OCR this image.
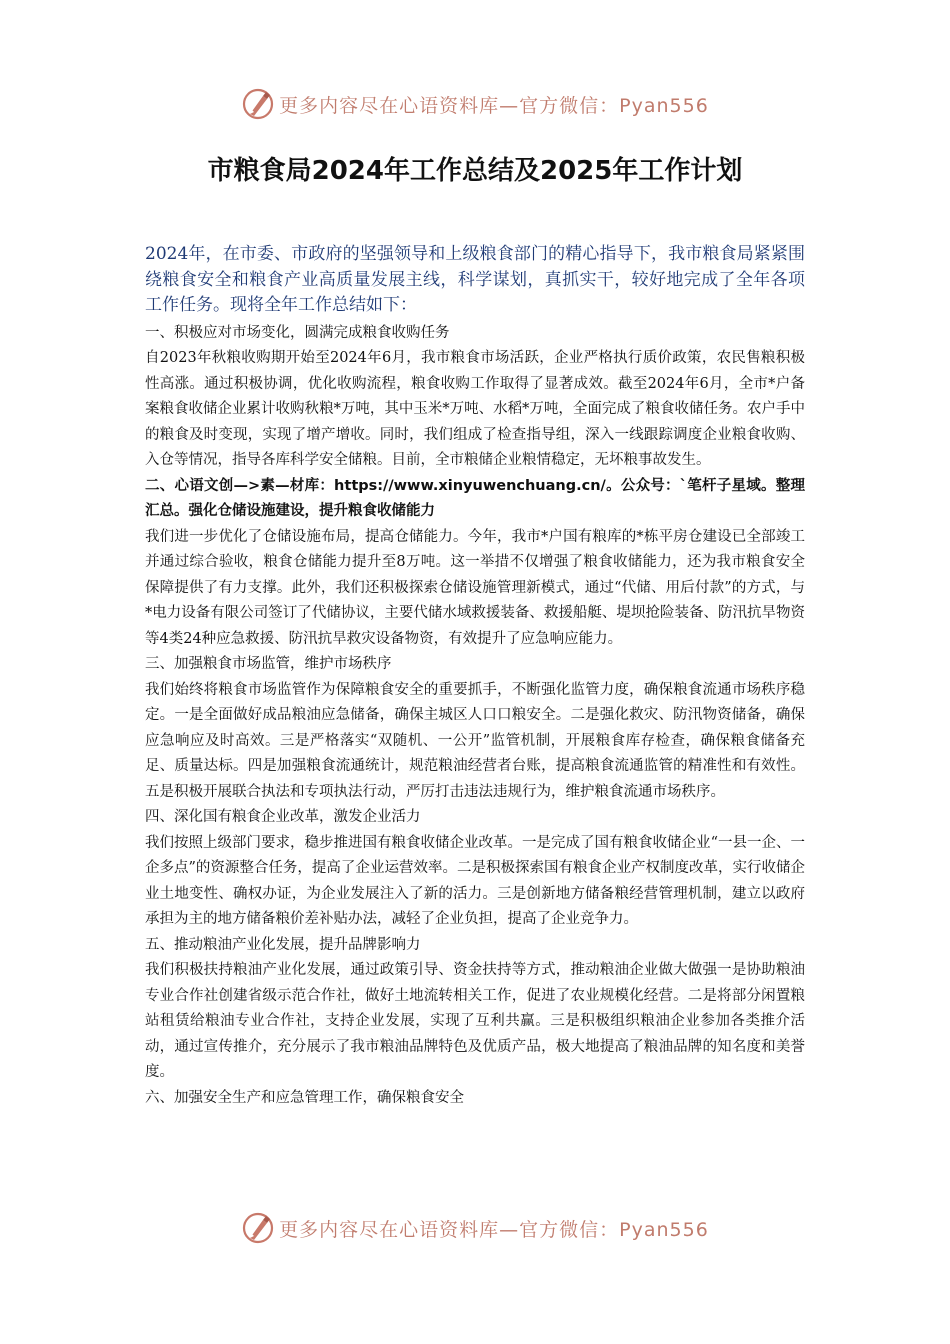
更多内容尽在心语资料库—官方微信：Pyan556
市粮食局2024年工作总结及2025年工作计划

2024年，在市委、市政府的坚强领导和上级粮食部门的精心指导下，我市粮食局紧紧围绕粮食安全和粮食产业高质量发展主线，科学谋划，真抓实干，较好地完成了全年各项工作任务。现将全年工作总结如下：

一、积极应对市场变化，圆满完成粮食收购任务

自2023年秋粮收购期开始至2024年6月，我市粮食市场活跃，企业严格执行质价政策，农民售粮积极性高涨。通过积极协调，优化收购流程，粮食收购工作取得了显著成效。截至2024年6月，全市*户备案粮食收储企业累计收购秋粮*万吨，其中玉米*万吨、水稻*万吨，全面完成了粮食收储任务。农户手中的粮食及时变现，实现了增产增收。同时，我们组成了检查指导组，深入一线跟踪调度企业粮食收购、入仓等情况，指导各库科学安全储粮。目前，全市粮储企业粮情稳定，无坏粮事故发生。

二、心语文创—>素—材库：https://www.xinyuwenchuang.cn/。公众号：`笔杆子星域。整理汇总。强化仓储设施建设，提升粮食收储能力

我们进一步优化了仓储设施布局，提高仓储能力。今年，我市*户国有粮库的*栋平房仓建设已全部竣工并通过综合验收，粮食仓储能力提升至8万吨。这一举措不仅增强了粮食收储能力，还为我市粮食安全保障提供了有力支撑。此外，我们还积极探索仓储设施管理新模式，通过“代储、用后付款”的方式，与*电力设备有限公司签订了代储协议，主要代储水域救援装备、救援船艇、堤坝抢险装备、防汛抗旱物资等4类24种应急救援、防汛抗旱救灾设备物资，有效提升了应急响应能力。

三、加强粮食市场监管，维护市场秩序

我们始终将粮食市场监管作为保障粮食安全的重要抓手，不断强化监管力度，确保粮食流通市场秩序稳定。一是全面做好成品粮油应急储备，确保主城区人口口粮安全。二是强化救灾、防汛物资储备，确保应急响应及时高效。三是严格落实“双随机、一公开”监管机制，开展粮食库存检查，确保粮食储备充足、质量达标。四是加强粮食流通统计，规范粮油经营者台账，提高粮食流通监管的精准性和有效性。五是积极开展联合执法和专项执法行动，严厉打击违法违规行为，维护粮食流通市场秩序。

四、深化国有粮食企业改革，激发企业活力

我们按照上级部门要求，稳步推进国有粮食收储企业改革。一是完成了国有粮食收储企业“一县一企、一企多点”的资源整合任务，提高了企业运营效率。二是积极探索国有粮食企业产权制度改革，实行收储企业土地变性、确权办证，为企业发展注入了新的活力。三是创新地方储备粮经营管理机制，建立以政府承担为主的地方储备粮价差补贴办法，减轻了企业负担，提高了企业竞争力。

五、推动粮油产业化发展，提升品牌影响力

我们积极扶持粮油产业化发展，通过政策引导、资金扶持等方式，推动粮油企业做大做强一是协助粮油专业合作社创建省级示范合作社，做好土地流转相关工作，促进了农业规模化经营。二是将部分闲置粮站租赁给粮油专业合作社，支持企业发展，实现了互利共赢。三是积极组织粮油企业参加各类推介活动，通过宣传推介，充分展示了我市粮油品牌特色及优质产品，极大地提高了粮油品牌的知名度和美誉度。

六、加强安全生产和应急管理工作，确保粮食安全

更多内容尽在心语资料库—官方微信：Pyan556
